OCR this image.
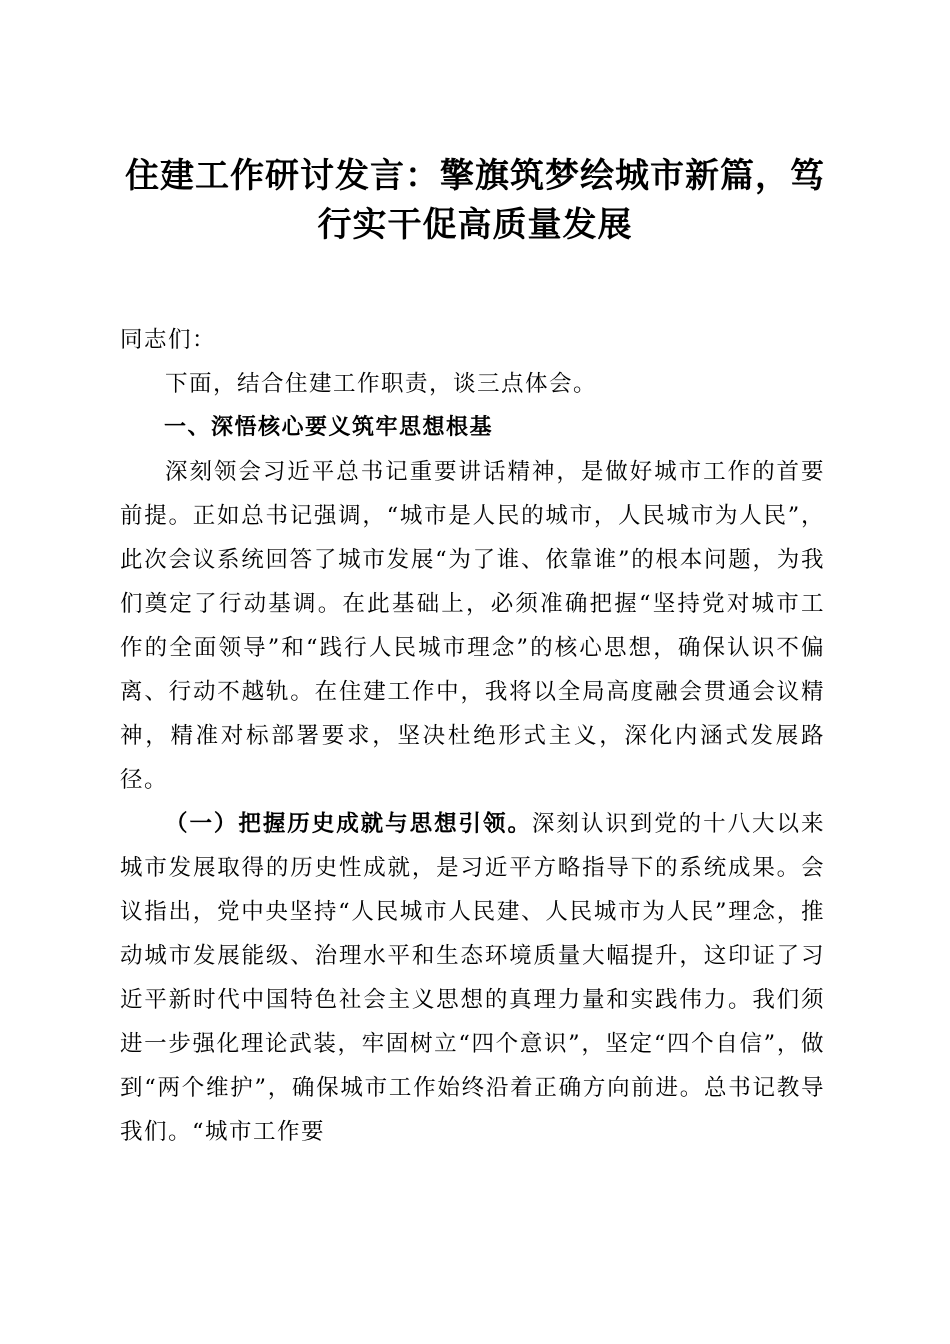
住建工作研讨发言：擎旗筑梦绘城市新篇，笃
行实干促高质量发展

同志们：

下面，结合住建工作职责，谈三点体会。

一、深悟核心要义筑牢思想根基

深刻领会习近平总书记重要讲话精神，是做好城市工作的首要前提。正如总书记强调，“城市是人民的城市，人民城市为人民”，此次会议系统回答了城市发展“为了谁、依靠谁”的根本问题，为我们奠定了行动基调。在此基础上，必须准确把握“坚持党对城市工作的全面领导”和“践行人民城市理念”的核心思想，确保认识不偏离、行动不越轨。在住建工作中，我将以全局高度融会贯通会议精神，精准对标部署要求，坚决杜绝形式主义，深化内涵式发展路径。

（一）把握历史成就与思想引领。深刻认识到党的十八大以来城市发展取得的历史性成就，是习近平方略指导下的系统成果。会议指出，党中央坚持“人民城市人民建、人民城市为人民”理念，推动城市发展能级、治理水平和生态环境质量大幅提升，这印证了习近平新时代中国特色社会主义思想的真理力量和实践伟力。我们须进一步强化理论武装，牢固树立“四个意识”，坚定“四个自信”，做到“两个维护”，确保城市工作始终沿着正确方向前进。总书记教导我们。“城市工作要
